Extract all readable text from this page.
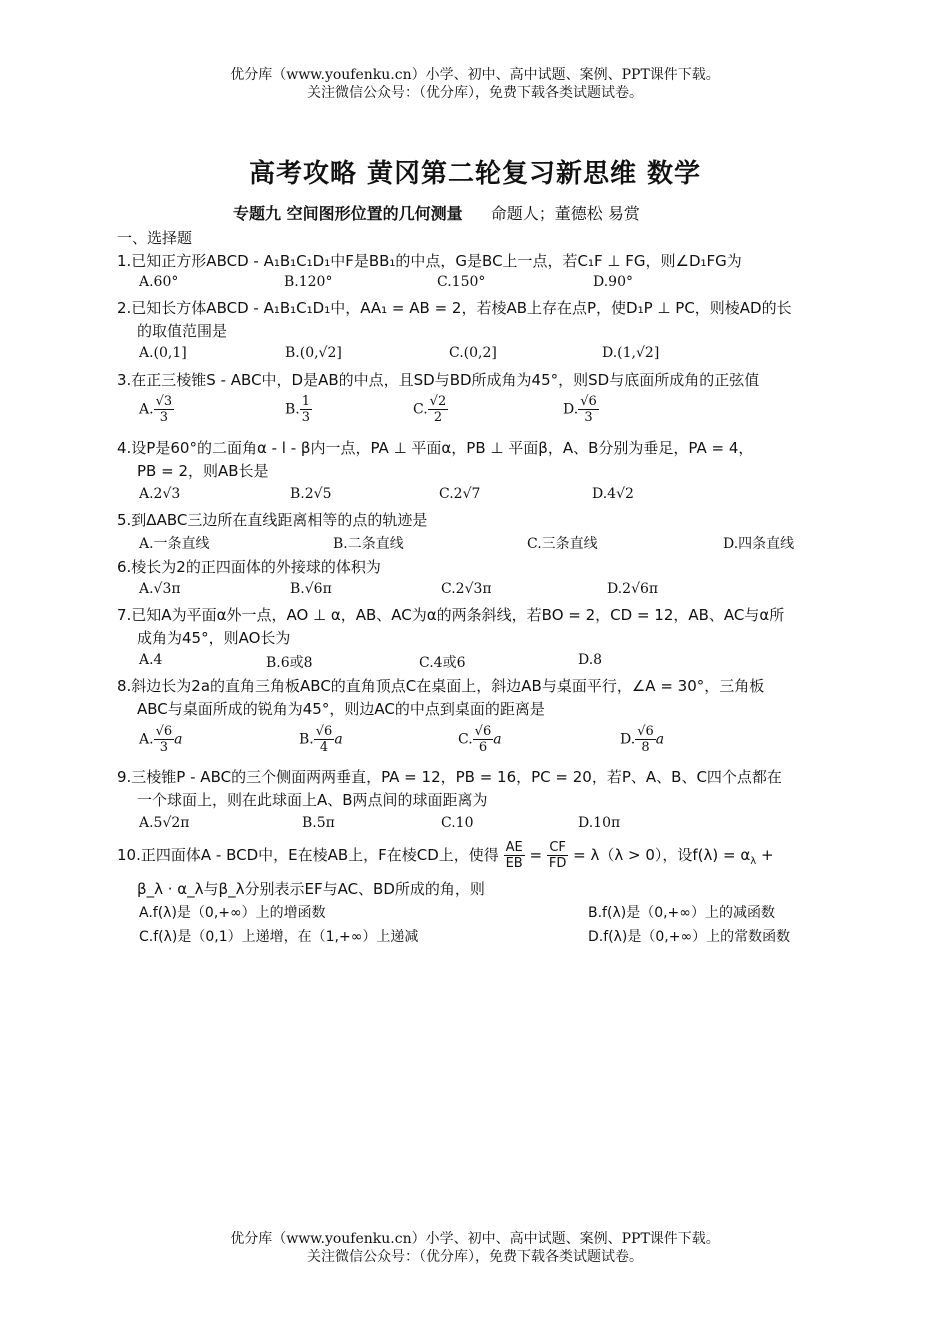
优分库（www.youfenku.cn）小学、初中、高中试题、案例、PPT课件下载。
关注微信公众号：（优分库），免费下载各类试题试卷。
高考攻略 黄冈第二轮复习新思维 数学
专题九 空间图形位置的几何测量 命题人；董德松 易赏
一、选择题
1.已知正方形ABCD - A₁B₁C₁D₁中F是BB₁的中点，G是BC上一点，若C₁F ⊥ FG，则∠D₁FG为
A.60°	B.120°	C.150°	D.90°
2.已知长方体ABCD - A₁B₁C₁D₁中，AA₁ = AB = 2，若棱AB上存在点P，使D₁P ⊥ PC，则棱AD的长
的取值范围是
A.(0,1]	B.(0,√2]	C.(0,2]	D.(1,√2]
3.在正三棱锥S - ABC中，D是AB的中点，且SD与BD所成角为45°，则SD与底面所成角的正弦值
A. $\frac{√3}{3}$	B. $\frac{1}{3}$	C. $\frac{√2}{2}$	D. $\frac{√6}{3}$
4.设P是60°的二面角α - l - β内一点，PA ⊥ 平面α，PB ⊥ 平面β，A、B分别为垂足，PA = 4，
PB = 2，则AB长是
A.2√3	B.2√5	C.2√7	D.4√2
5.到ΔABC三边所在直线距离相等的点的轨迹是
A.一条直线	B.二条直线	C.三条直线	D.四条直线
6.棱长为2的正四面体的外接球的体积为
A.√3π	B.√6π	C.2√3π	D.2√6π
7.已知A为平面α外一点，AO ⊥ α，AB、AC为α的两条斜线，若BO = 2，CD = 12，AB、AC与α所
成角为45°，则AO长为
A.4	B.6或8	C.4或6	D.8
8.斜边长为2a的直角三角板ABC的直角顶点C在桌面上，斜边AB与桌面平行，∠A = 30°，三角板
ABC与桌面所成的锐角为45°，则边AC的中点到桌面的距离是
A. $\frac{√6}{3}$ a	B. $\frac{√6}{4}$ a	C. $\frac{√6}{6}$ a	D. $\frac{√6}{8}$ a
9.三棱锥P - ABC的三个侧面两两垂直，PA = 12，PB = 16，PC = 20，若P、A、B、C四个点都在
一个球面上，则在此球面上A、B两点间的球面距离为
A.5√2π	B.5π	C.10	D.10π
10.正四面体A - BCD中，E在棱AB上，F在棱CD上，使得 $\frac{AE}{EB} = \frac{CF}{FD} = \lambda(\lambda > 0)$，设$f(\lambda) = \alpha_\lambda$ +
β_λ · α_λ与β_λ分别表示EF与AC、BD所成的角，则
A.f(λ)是（0,+∞）上的增函数	B.f(λ)是（0,+∞）上的减函数
C.f(λ)是（0,1）上递增，在（1,+∞）上递减	D.f(λ)是（0,+∞）上的常数函数
优分库（www.youfenku.cn）小学、初中、高中试题、案例、PPT课件下载。
关注微信公众号：（优分库），免费下载各类试题试卷。
